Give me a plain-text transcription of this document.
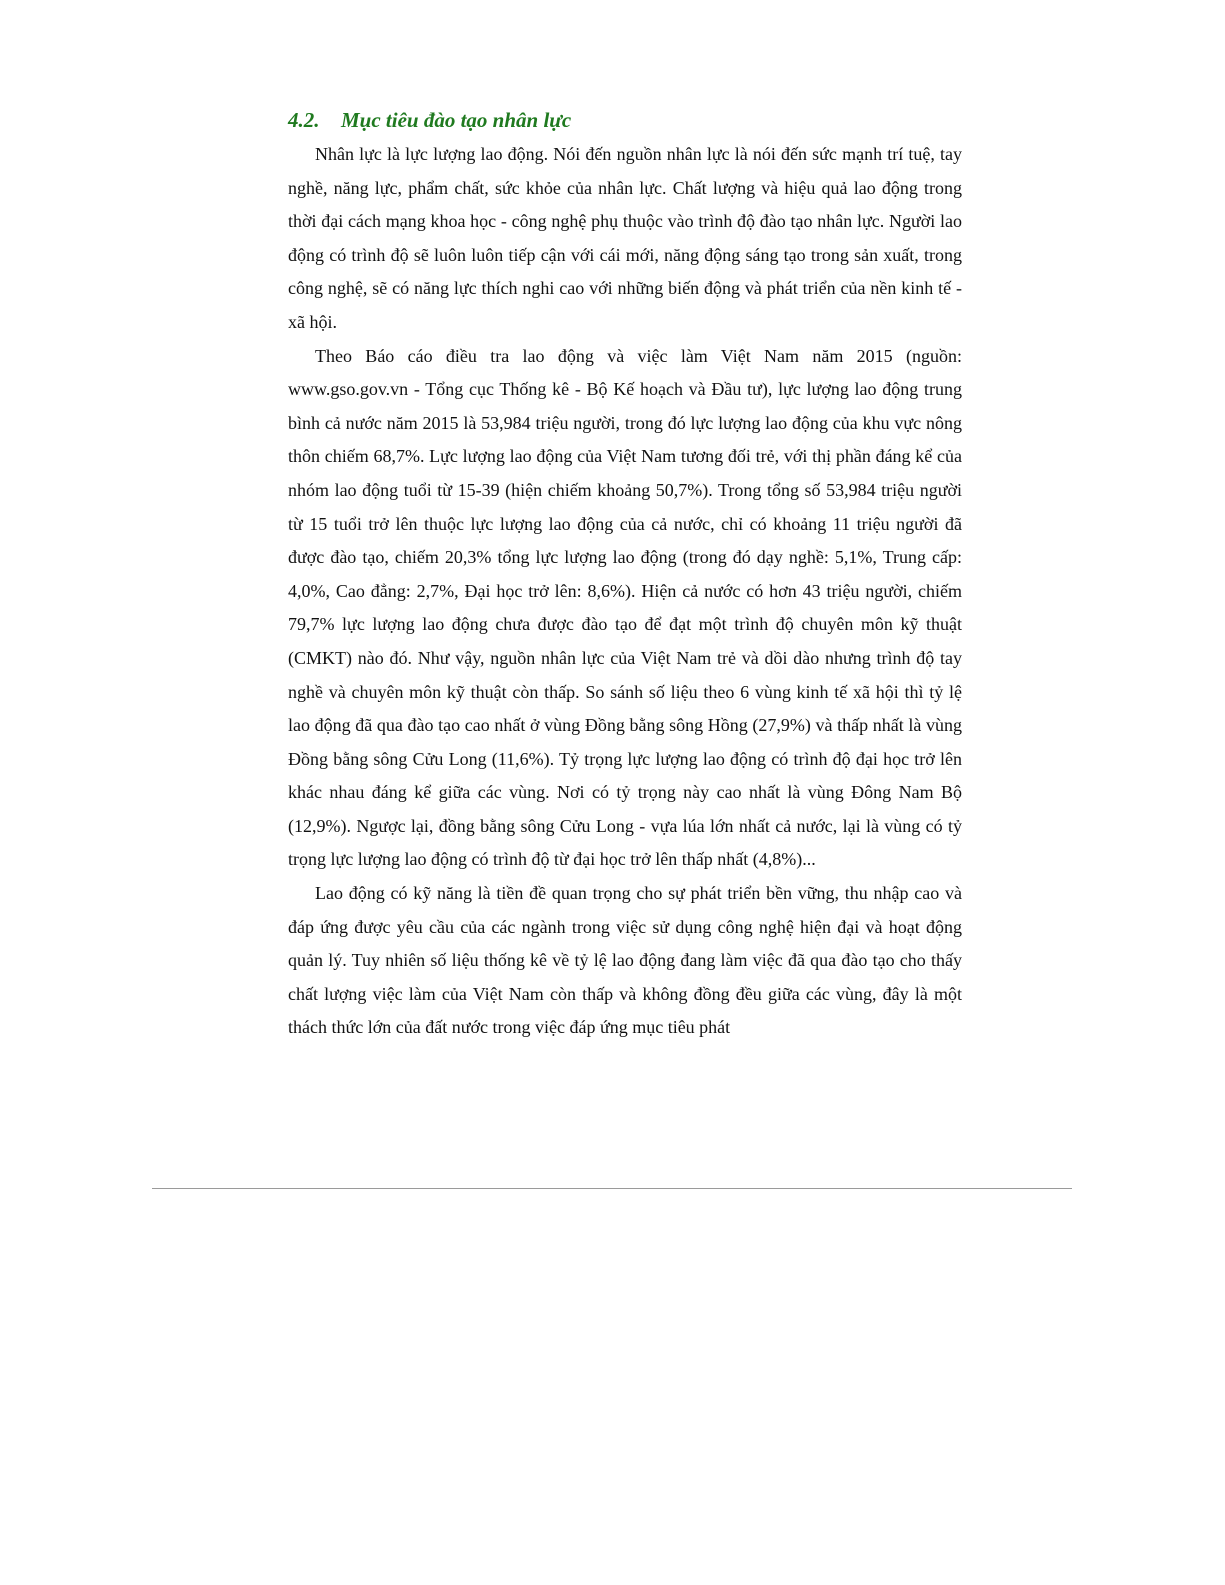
4.2.	Mục tiêu đào tạo nhân lực

Nhân lực là lực lượng lao động. Nói đến nguồn nhân lực là nói đến sức mạnh trí tuệ, tay nghề, năng lực, phẩm chất, sức khỏe của nhân lực. Chất lượng và hiệu quả lao động trong thời đại cách mạng khoa học - công nghệ phụ thuộc vào trình độ đào tạo nhân lực. Người lao động có trình độ sẽ luôn luôn tiếp cận với cái mới, năng động sáng tạo trong sản xuất, trong công nghệ, sẽ có năng lực thích nghi cao với những biến động và phát triển của nền kinh tế - xã hội.

Theo Báo cáo điều tra lao động và việc làm Việt Nam năm 2015 (nguồn: www.gso.gov.vn - Tổng cục Thống kê - Bộ Kế hoạch và Đầu tư), lực lượng lao động trung bình cả nước năm 2015 là 53,984 triệu người, trong đó lực lượng lao động của khu vực nông thôn chiếm 68,7%. Lực lượng lao động của Việt Nam tương đối trẻ, với thị phần đáng kể của nhóm lao động tuổi từ 15-39 (hiện chiếm khoảng 50,7%). Trong tổng số 53,984 triệu người từ 15 tuổi trở lên thuộc lực lượng lao động của cả nước, chỉ có khoảng 11 triệu người đã được đào tạo, chiếm 20,3% tổng lực lượng lao động (trong đó dạy nghề: 5,1%, Trung cấp: 4,0%, Cao đẳng: 2,7%, Đại học trở lên: 8,6%). Hiện cả nước có hơn 43 triệu người, chiếm 79,7% lực lượng lao động chưa được đào tạo để đạt một trình độ chuyên môn kỹ thuật (CMKT) nào đó. Như vậy, nguồn nhân lực của Việt Nam trẻ và dồi dào nhưng trình độ tay nghề và chuyên môn kỹ thuật còn thấp. So sánh số liệu theo 6 vùng kinh tế xã hội thì tỷ lệ lao động đã qua đào tạo cao nhất ở vùng Đồng bằng sông Hồng (27,9%) và thấp nhất là vùng Đồng bằng sông Cửu Long (11,6%). Tỷ trọng lực lượng lao động có trình độ đại học trở lên khác nhau đáng kể giữa các vùng. Nơi có tỷ trọng này cao nhất là vùng Đông Nam Bộ (12,9%). Ngược lại, đồng bằng sông Cửu Long - vựa lúa lớn nhất cả nước, lại là vùng có tỷ trọng lực lượng lao động có trình độ từ đại học trở lên thấp nhất (4,8%)...

Lao động có kỹ năng là tiền đề quan trọng cho sự phát triển bền vững, thu nhập cao và đáp ứng được yêu cầu của các ngành trong việc sử dụng công nghệ hiện đại và hoạt động quản lý. Tuy nhiên số liệu thống kê về tỷ lệ lao động đang làm việc đã qua đào tạo cho thấy chất lượng việc làm của Việt Nam còn thấp và không đồng đều giữa các vùng, đây là một thách thức lớn của đất nước trong việc đáp ứng mục tiêu phát
